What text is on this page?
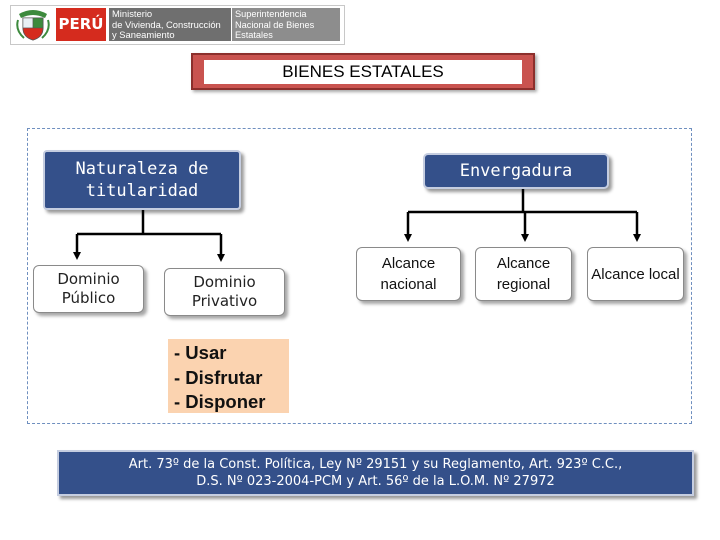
PERÚ
Ministerio
de Vivienda, Construcción
y Saneamiento
Superintendencia
Nacional de Bienes
Estatales
BIENES ESTATALES
Naturaleza de titularidad
Envergadura
Dominio Público
Dominio Privativo
Alcance nacional
Alcance regional
Alcance local
- Usar
- Disfrutar
- Disponer
Art. 73º de la Const. Política, Ley Nº 29151 y su Reglamento, Art. 923º C.C.,
D.S. Nº 023-2004-PCM y Art. 56º de la L.O.M. Nº 27972
